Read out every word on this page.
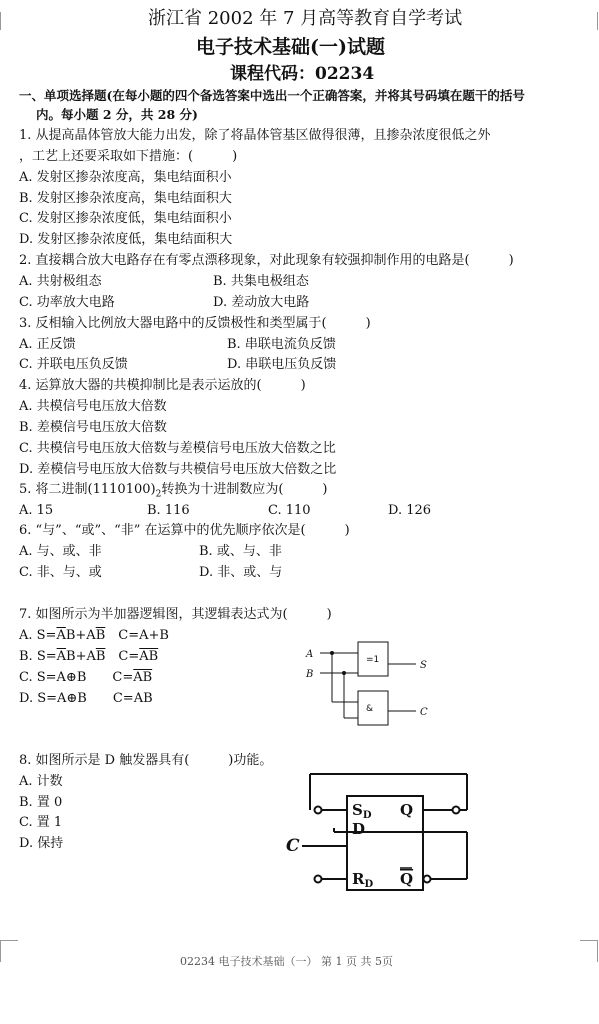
浙江省 2002 年 7 月高等教育自学考试
电子技术基础(一)试题
课程代码：02234
一、单项选择题(在每小题的四个备选答案中选出一个正确答案，并将其号码填在题干的括号
内。每小题 2 分，共 28 分)
1. 从提高晶体管放大能力出发，除了将晶体管基区做得很薄，且掺杂浓度很低之外
，工艺上还要采取如下措施：(　　　)
A. 发射区掺杂浓度高，集电结面积小
B. 发射区掺杂浓度高，集电结面积大
C. 发射区掺杂浓度低，集电结面积小
D. 发射区掺杂浓度低，集电结面积大
2. 直接耦合放大电路存在有零点漂移现象，对此现象有较强抑制作用的电路是(　　　)
A. 共射极组态	B. 共集电极组态
C. 功率放大电路	D. 差动放大电路
3. 反相输入比例放大器电路中的反馈极性和类型属于(　　　)
A. 正反馈	B. 串联电流负反馈
C. 并联电压负反馈	D. 串联电压负反馈
4. 运算放大器的共模抑制比是表示运放的(　　　)
A. 共模信号电压放大倍数
B. 差模信号电压放大倍数
C. 共模信号电压放大倍数与差模信号电压放大倍数之比
D. 差模信号电压放大倍数与共模信号电压放大倍数之比
5. 将二进制$(1110100)_2$转换为十进制数应为(　　　)
A. 15	B. 116	C. 110	D. 126
6. “与”、“或”、“非” 在运算中的优先顺序依次是(　　　)
A. 与、或、非	B. 或、与、非
C. 非、与、或	D. 非、或、与
7. 如图所示为半加器逻辑图，其逻辑表达式为(　　　)
A. $S=\overline{A}B+A\overline{B}$　C=A+B
B. $S=\overline{A}B+A\overline{B}$　$C=\overline{AB}$
C. S=A⊕B　　$C=\overline{AB}$
D. S=A⊕B　　C=AB
A
B
S
C
=1
&
8. 如图所示是 D 触发器具有(　　　)功能。
A. 计数
B. 置 0
C. 置 1
D. 保持
$S_D$
D
Q
$R_D$ Q
C
02234 电子技术基础（一） 第 1 页 共 5页
